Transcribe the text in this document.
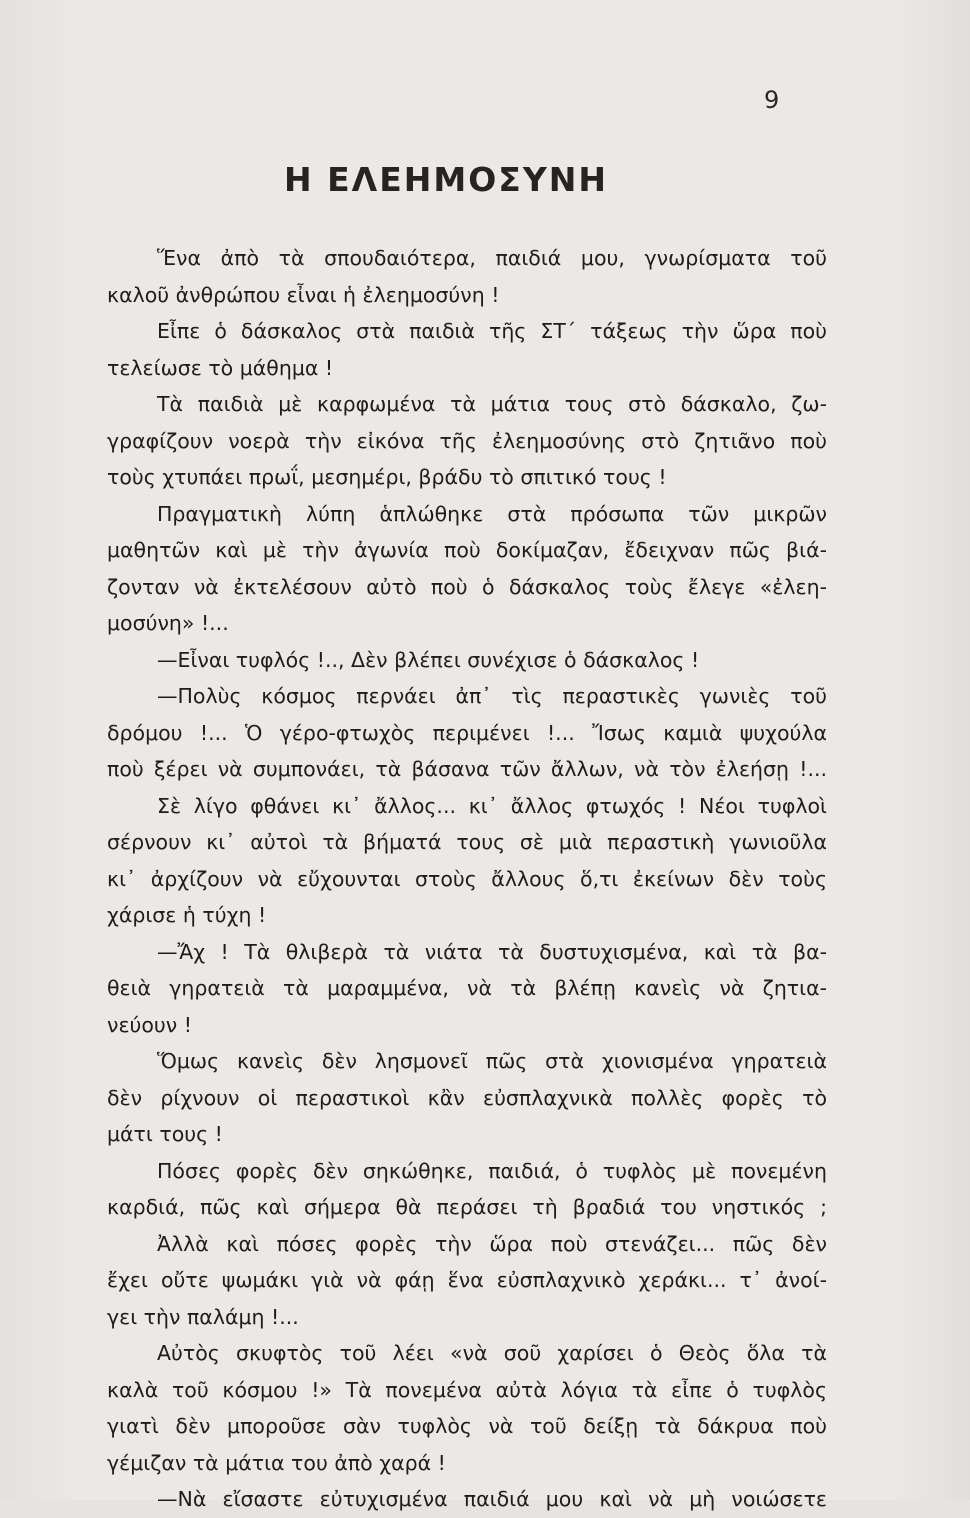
9
Η ΕΛΕΗΜΟΣΥΝΗ
Ἕνα ἀπὸ τὰ σπουδαιότερα, παιδιά μου, γνωρίσματα τοῦ
καλοῦ ἀνθρώπου εἶναι ἡ ἐλεημοσύνη !
Εἶπε ὁ δάσκαλος στὰ παιδιὰ τῆς ΣΤ΄ τάξεως τὴν ὥρα ποὺ
τελείωσε τὸ μάθημα !
Τὰ παιδιὰ μὲ καρφωμένα τὰ μάτια τους στὸ δάσκαλο, ζω-
γραφίζουν νοερὰ τὴν εἰκόνα τῆς ἐλεημοσύνης στὸ ζητιᾶνο ποὺ
τοὺς χτυπάει πρωΐ, μεσημέρι, βράδυ τὸ σπιτικό τους !
Πραγματικὴ λύπη ἁπλώθηκε στὰ πρόσωπα τῶν μικρῶν
μαθητῶν καὶ μὲ τὴν ἀγωνία ποὺ δοκίμαζαν, ἔδειχναν πῶς βιά-
ζονταν νὰ ἐκτελέσουν αὐτὸ ποὺ ὁ δάσκαλος τοὺς ἔλεγε «ἐλεη-
μοσύνη» !...
—Εἶναι τυφλός !.., Δὲν βλέπει συνέχισε ὁ δάσκαλος !
—Πολὺς κόσμος περνάει ἀπ᾿ τὶς περαστικὲς γωνιὲς τοῦ
δρόμου !... Ὁ γέρο-φτωχὸς περιμένει !... Ἴσως καμιὰ ψυχούλα
ποὺ ξέρει νὰ συμπονάει, τὰ βάσανα τῶν ἄλλων, νὰ τὸν ἐλεήσῃ !...
Σὲ λίγο φθάνει κι᾿ ἄλλος... κι᾿ ἄλλος φτωχός ! Νέοι τυφλοὶ
σέρνουν κι᾿ αὐτοὶ τὰ βήματά τους σὲ μιὰ περαστικὴ γωνιοῦλα
κι᾿ ἀρχίζουν νὰ εὔχουνται στοὺς ἄλλους ὅ,τι ἐκείνων δὲν τοὺς
χάρισε ἡ τύχη !
—Ἄχ ! Τὰ θλιβερὰ τὰ νιάτα τὰ δυστυχισμένα, καὶ τὰ βα-
θειὰ γηρατειὰ τὰ μαραμμένα, νὰ τὰ βλέπῃ κανεὶς νὰ ζητια-
νεύουν !
Ὅμως κανεὶς δὲν λησμονεῖ πῶς στὰ χιονισμένα γηρατειὰ
δὲν ρίχνουν οἱ περαστικοὶ κἂν εὐσπλαχνικὰ πολλὲς φορὲς τὸ
μάτι τους !
Πόσες φορὲς δὲν σηκώθηκε, παιδιά, ὁ τυφλὸς μὲ πονεμένη
καρδιά, πῶς καὶ σήμερα θὰ περάσει τὴ βραδιά του νηστικός ;
Ἀλλὰ καὶ πόσες φορὲς τὴν ὥρα ποὺ στενάζει... πῶς δὲν
ἔχει οὔτε ψωμάκι γιὰ νὰ φάῃ ἕνα εὐσπλαχνικὸ χεράκι... τ᾿ ἀνοί-
γει τὴν παλάμη !...
Αὐτὸς σκυφτὸς τοῦ λέει «νὰ σοῦ χαρίσει ὁ Θεὸς ὅλα τὰ
καλὰ τοῦ κόσμου !» Τὰ πονεμένα αὐτὰ λόγια τὰ εἶπε ὁ τυφλὸς
γιατὶ δὲν μποροῦσε σὰν τυφλὸς νὰ τοῦ δείξῃ τὰ δάκρυα ποὺ
γέμιζαν τὰ μάτια του ἀπὸ χαρά !
—Νὰ εἴσαστε εὐτυχισμένα παιδιά μου καὶ νὰ μὴ νοιώσετε
